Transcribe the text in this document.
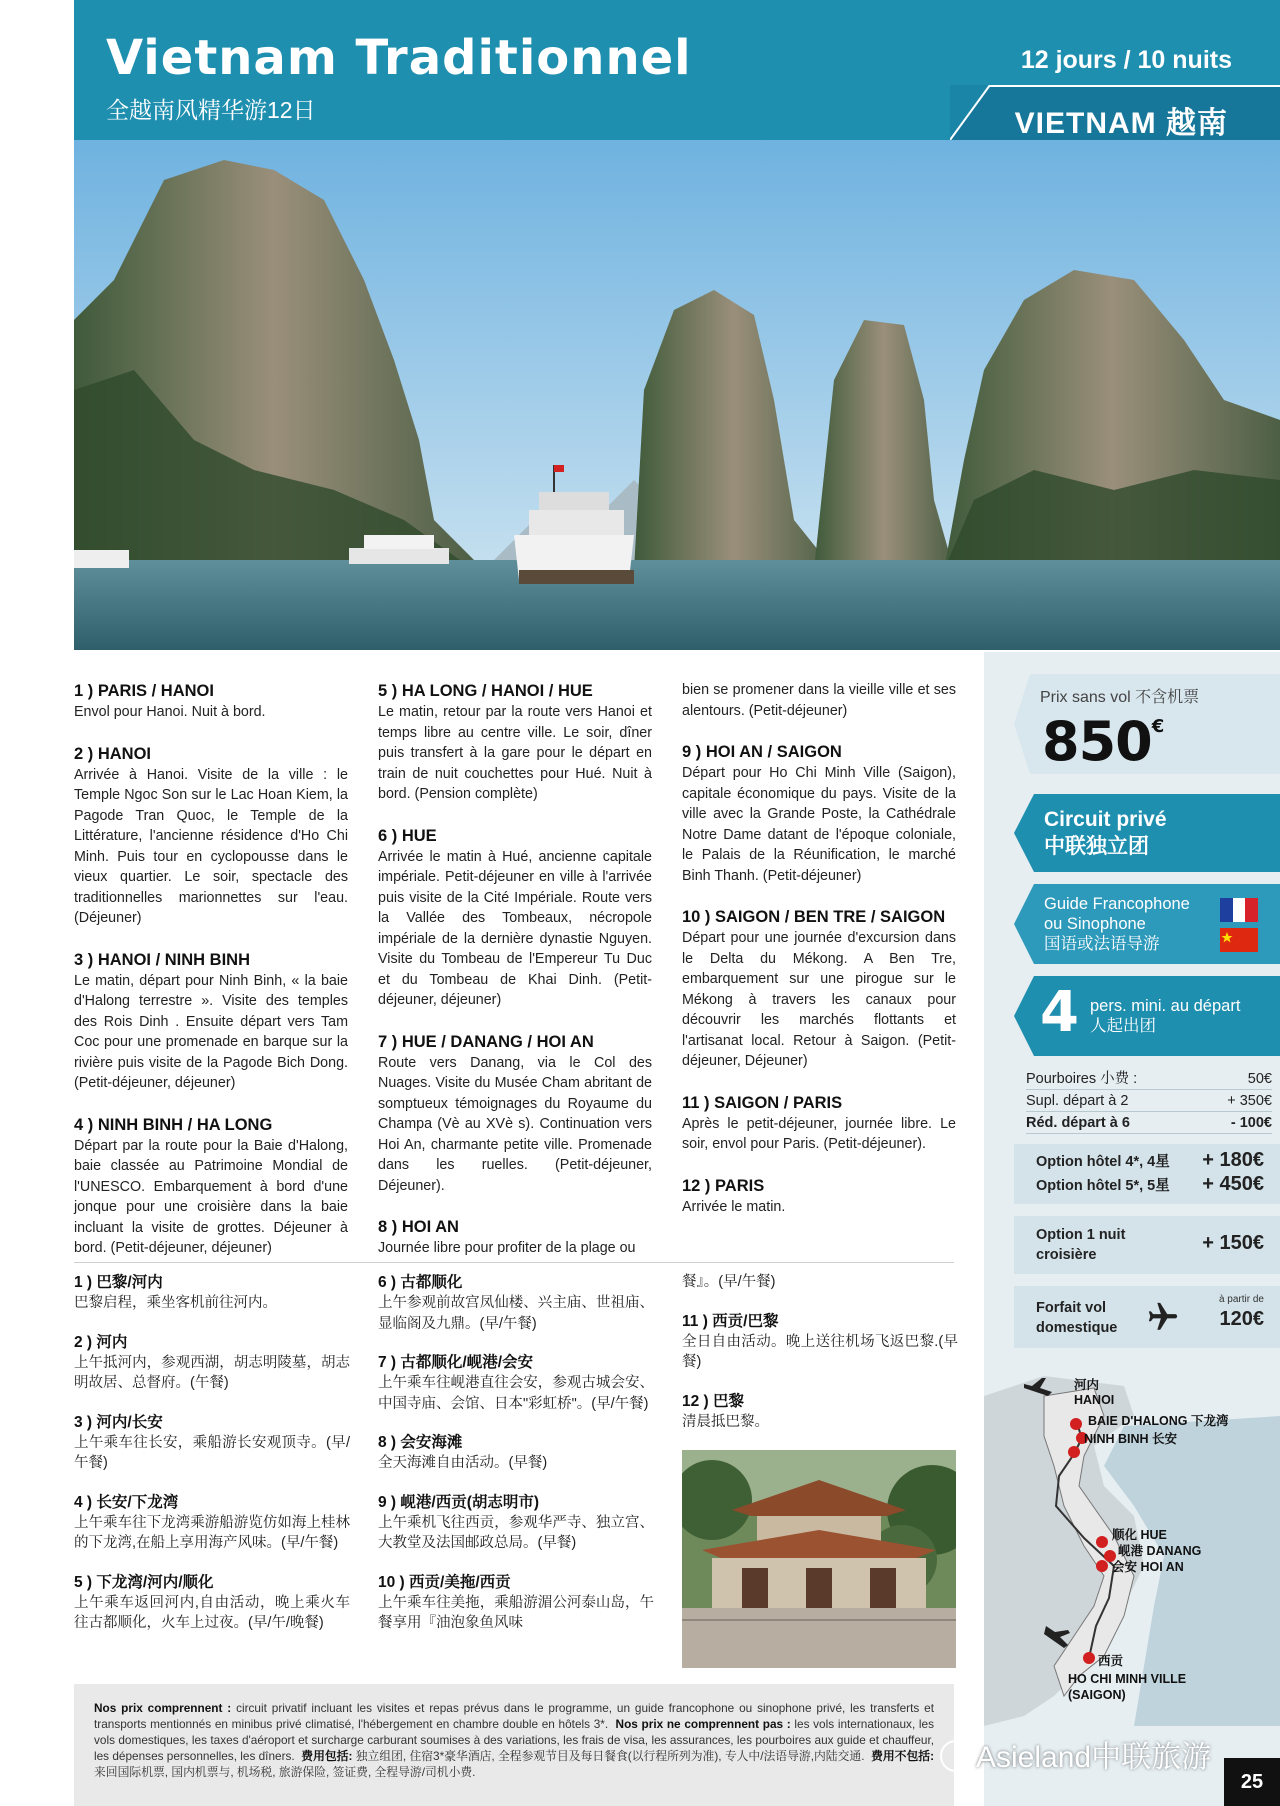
Vietnam Traditionnel
全越南风精华游12日
12 jours / 10 nuits
VIETNAM 越南
1 ) PARIS / HANOI

Envol pour Hanoi. Nuit à bord.

2 ) HANOI

Arrivée à Hanoi. Visite de la ville : le Temple Ngoc Son sur le Lac Hoan Kiem, la Pagode Tran Quoc, le Temple de la Littérature, l'ancienne résidence d'Ho Chi Minh. Puis tour en cyclopousse dans le vieux quartier. Le soir, spectacle des traditionnelles marionnettes sur l'eau. (Déjeuner)

3 ) HANOI / NINH BINH

Le matin, départ pour Ninh Binh, « la baie d'Halong terrestre ». Visite des temples des Rois Dinh . Ensuite départ vers Tam Coc pour une promenade en barque sur la rivière puis visite de la Pagode Bich Dong. (Petit-déjeuner, déjeuner)

4 ) NINH BINH / HA LONG

Départ par la route pour la Baie d'Halong, baie classée au Patrimoine Mondial de l'UNESCO. Embarquement à bord d'une jonque pour une croisière dans la baie incluant la visite de grottes. Déjeuner à bord. (Petit-déjeuner, déjeuner)

5 ) HA LONG / HANOI / HUE

Le matin, retour par la route vers Hanoi et temps libre au centre ville. Le soir, dîner puis transfert à la gare pour le départ en train de nuit couchettes pour Hué. Nuit à bord. (Pension complète)

6 ) HUE

Arrivée le matin à Hué, ancienne capitale impériale. Petit-déjeuner en ville à l'arrivée puis visite de la Cité Impériale. Route vers la Vallée des Tombeaux, nécropole impériale de la dernière dynastie Nguyen. Visite du Tombeau de l'Empereur Tu Duc et du Tombeau de Khai Dinh. (Petit-déjeuner, déjeuner)

7 ) HUE / DANANG / HOI AN

Route vers Danang, via le Col des Nuages. Visite du Musée Cham abritant de somptueux témoignages du Royaume du Champa (Vè au XVè s). Continuation vers Hoi An, charmante petite ville. Promenade dans les ruelles. (Petit-déjeuner, Déjeuner).

8 ) HOI AN

Journée libre pour profiter de la plage ou

bien se promener dans la vieille ville et ses alentours. (Petit-déjeuner)

9 ) HOI AN / SAIGON

Départ pour Ho Chi Minh Ville (Saigon), capitale économique du pays. Visite de la ville avec la Grande Poste, la Cathédrale Notre Dame datant de l'époque coloniale, le Palais de la Réunification, le marché Binh Thanh. (Petit-déjeuner)

10 ) SAIGON / BEN TRE / SAIGON

Départ pour une journée d'excursion dans le Delta du Mékong. A Ben Tre, embarquement sur une pirogue sur le Mékong à travers les canaux pour découvrir les marchés flottants et l'artisanat local. Retour à Saigon. (Petit-déjeuner, Déjeuner)

11 ) SAIGON / PARIS

Après le petit-déjeuner, journée libre. Le soir, envol pour Paris. (Petit-déjeuner).

12 ) PARIS

Arrivée le matin.

1 ) 巴黎/河内

巴黎启程，乘坐客机前往河内。

2 ) 河内

上午抵河内，参观西湖，胡志明陵墓，胡志明故居、总督府。(午餐)

3 ) 河内/长安

上午乘车往长安，乘船游长安观顶寺。(早/午餐)

4 ) 长安/下龙湾

上午乘车往下龙湾乘游船游览仿如海上桂林的下龙湾,在船上享用海产风味。(早/午餐)

5 ) 下龙湾/河内/顺化

上午乘车返回河内,自由活动，晚上乘火车往古都顺化，火车上过夜。(早/午/晚餐)

6 ) 古都顺化

上午参观前故宫凤仙楼、兴主庙、世祖庙、显临阁及九鼎。(早/午餐)

7 ) 古都顺化/岘港/会安

上午乘车往岘港直往会安，参观古城会安、中国寺庙、会馆、日本"彩虹桥"。(早/午餐)

8 ) 会安海滩

全天海滩自由活动。(早餐)

9 ) 岘港/西贡(胡志明市)

上午乘机飞往西贡，参观华严寺、独立宫、大教堂及法国邮政总局。(早餐)

10 ) 西贡/美拖/西贡

上午乘车往美拖，乘船游湄公河泰山岛，午餐享用『油泡象鱼风味

餐』。(早/午餐)

11 ) 西贡/巴黎

全日自由活动。晚上送往机场飞返巴黎.(早餐)

12 ) 巴黎

清晨抵巴黎。

Nos prix comprennent : circuit privatif incluant les visites et repas prévus dans le programme, un guide francophone ou sinophone privé, les transferts et transports mentionnés en minibus privé climatisé, l'hébergement en chambre double en hôtels 3*. Nos prix ne comprennent pas : les vols internationaux, les vols domestiques, les taxes d'aéroport et surcharge carburant soumises à des variations, les frais de visa, les assurances, les pourboires aux guide et chauffeur, les dépenses personnelles, les dîners. 费用包括: 独立组团, 住宿3*豪华酒店, 全程参观节目及每日餐食(以行程所列为准), 专人中/法语导游,内陆交通. 费用不包括: 来回国际机票, 国内机票与, 机场税, 旅游保险, 签证费, 全程导游/司机小费.
Prix sans vol 不含机票
850€
Circuit privé
中联独立团
Guide Francophone
ou Sinophone
国语或法语导游
4 pers. mini. au départ
人起出团
Pourboires 小费 :	50€
Supl. départ à 2	+ 350€
Réd. départ à 6	- 100€
Option hôtel 4*, 4星 + 180€
Option hôtel 5*, 5星 + 450€
Option 1 nuit
croisière
+ 150€
Forfait vol
domestique
à partir de
120€
河内
HANOI
BAIE D'HALONG 下龙湾
NINH BINH 长安
顺化 HUE
岘港 DANANG
会安 HOI AN
西贡
HO CHI MINH VILLE
(SAIGON)
Asieland中联旅游
25
